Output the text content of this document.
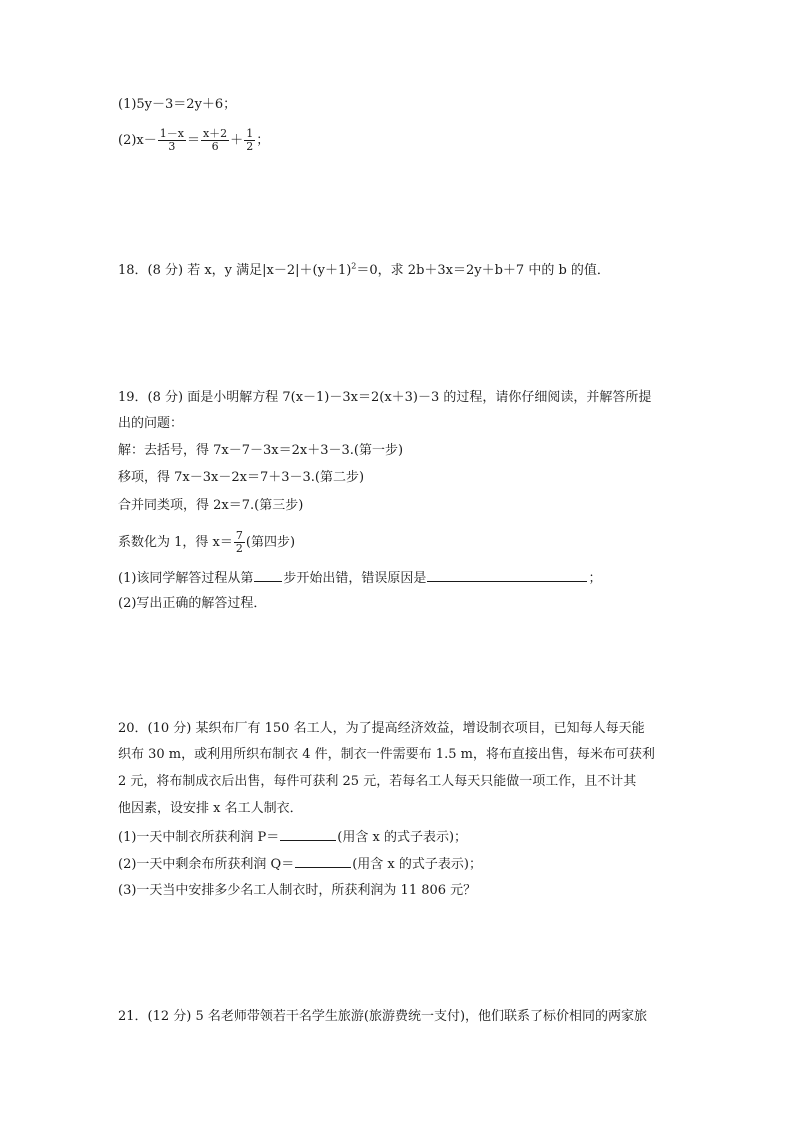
(1)5y－3＝2y＋6；
$(2)x- \frac{1-x}{3} = \frac{x+2}{6} + \frac{1}{2}$ ；
18．(8 分) 若 x，y 满足$|x-2|+(y+1)^2=0$，求 2b＋3x＝2y＋b＋7 中的 b 的值．
19．(8 分) 面是小明解方程 7(x－1)－3x＝2(x＋3)－3 的过程，请你仔细阅读，并解答所提
出的问题：
解：去括号，得 7x－7－3x＝2x＋3－3.(第一步)
移项，得 7x－3x－2x＝7＋3－3.(第二步)
合并同类项，得 2x＝7.(第三步)
系数化为 1，得 $x= \frac{7}{2}$ (第四步)
(1)该同学解答过程从第 步开始出错，错误原因是	；
(2)写出正确的解答过程．
20．(10 分) 某织布厂有 150 名工人，为了提高经济效益，增设制衣项目，已知每人每天能
织布 30 m，或利用所织布制衣 4 件，制衣一件需要布 1.5 m，将布直接出售，每米布可获利
2 元，将布制成衣后出售，每件可获利 25 元，若每名工人每天只能做一项工作，且不计其
他因素，设安排 x 名工人制衣．
(1)一天中制衣所获利润 P＝	(用含 x 的式子表示)；
(2)一天中剩余布所获利润 Q＝	(用含 x 的式子表示)；
(3)一天当中安排多少名工人制衣时，所获利润为 11 806 元？
21．(12 分) 5 名老师带领若干名学生旅游(旅游费统一支付)，他们联系了标价相同的两家旅
